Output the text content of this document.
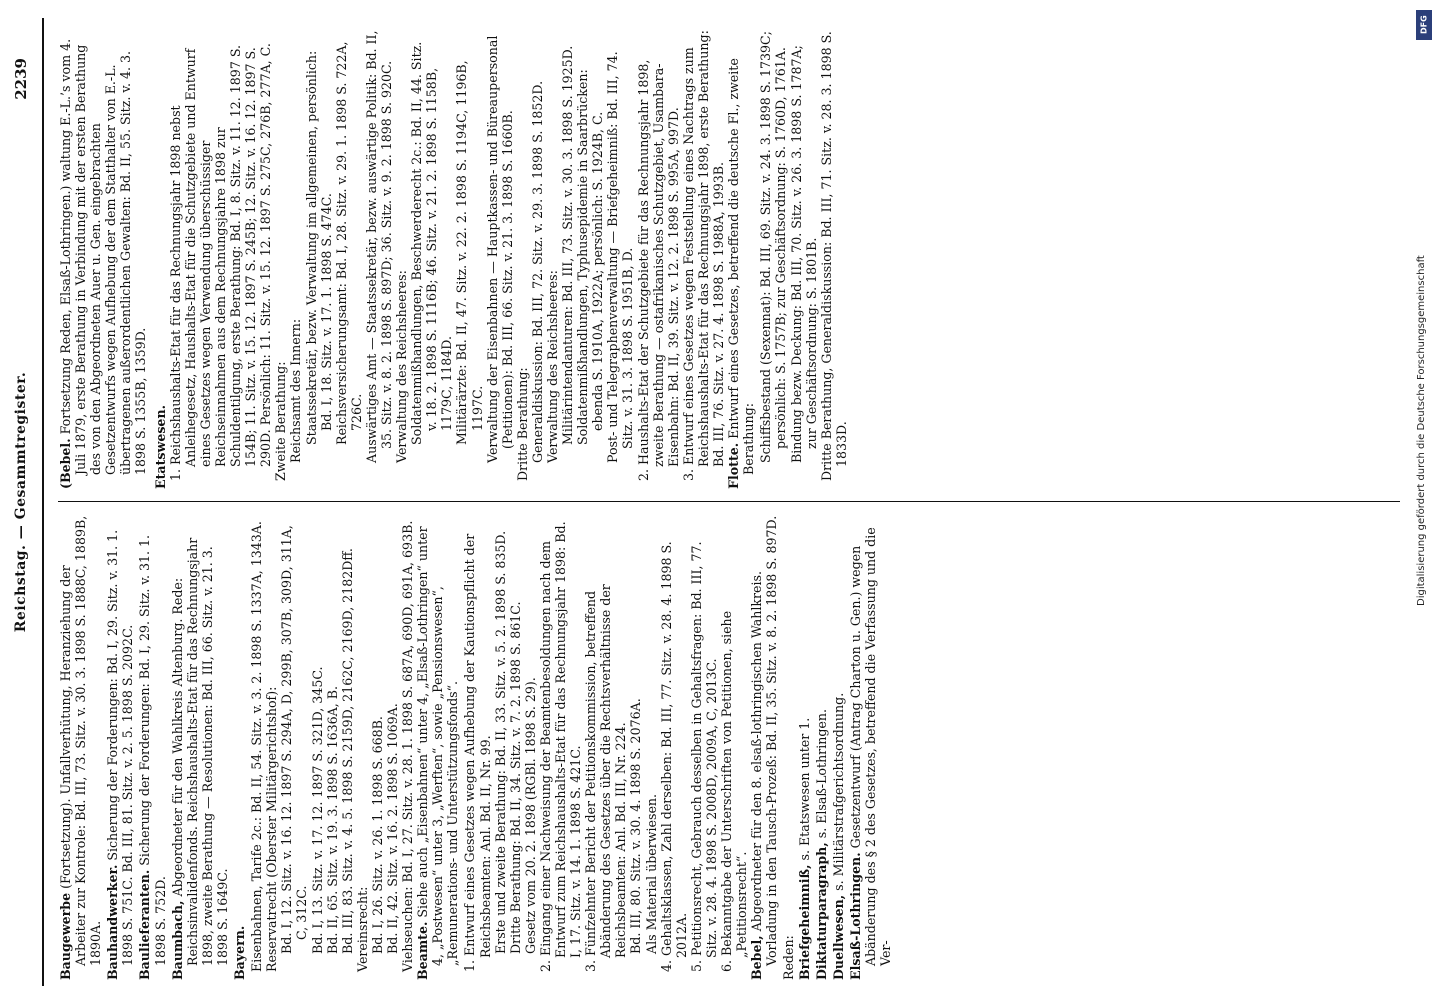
Reichstag. — Gesammtregister.
2239

Baugewerbe (Fortsetzung). Unfallverhütung, Heranziehung der Arbeiter zur Kontrole: Bd. III, 73. Sitz. v. 30. 3. 1898 S. 1888C, 1889B, 1890A. Bauhandwerker. Sicherung der Forderungen: Bd. I, 29. Sitz. v. 31. 1. 1898 S. 751C. Bd. III, 81. Sitz. v. 2. 5. 1898 S. 2092C. Baulieferanten. Sicherung der Forderungen: Bd. I, 29. Sitz. v. 31. 1. 1898 S. 752D. Baumbach, Abgeordneter für den Wahlkreis Altenburg. Rede: Reichsinvalidenfonds. Reichshaushalts-Etat für das Rechnungsjahr 1898, zweite Berathung — Resolutionen: Bd. III, 66. Sitz. v. 21. 3. 1898 S. 1649C. Bayern. Eisenbahnen, Tarife 2c.: Bd. II, 54. Sitz. v. 3. 2. 1898 S. 1337A, 1343A. Reservatrecht (Oberster Militärgerichtshof): Bd. I, 12. Sitz. v. 16. 12. 1897 S. 294A, D, 299B, 307B, 309D, 311A, C, 312C. Bd. I, 13. Sitz. v. 17. 12. 1897 S. 321D, 345C. Bd. II, 65. Sitz. v. 19. 3. 1898 S. 1636A, B. Bd. III, 83. Sitz. v. 4. 5. 1898 S. 2159D, 2162C, 2169D, 2182Dff. Vereinsrecht: Bd. I, 26. Sitz. v. 26. 1. 1898 S. 668B. Bd. II, 42. Sitz. v. 16. 2. 1898 S. 1069A. Viehseuchen: Bd. I, 27. Sitz. v. 28. 1. 1898 S. 687A, 690D, 691A, 693B. Beamte. Siehe auch „Eisenbahnen“ unter 4, „Elsaß-Lothringen“ unter 4, „Postwesen“ unter 3, „Werften“, sowie „Pensionswesen“, „Remunerations- und Unterstützungsfonds“. 1. Entwurf eines Gesetzes wegen Aufhebung der Kautionspflicht der Reichsbeamten: Anl. Bd. II, Nr. 99. Erste und zweite Berathung: Bd. II, 33. Sitz. v. 5. 2. 1898 S. 835D. Dritte Berathung: Bd. II, 34. Sitz. v. 7. 2. 1898 S. 861C. Gesetz vom 20. 2. 1898 (RGBl. 1898 S. 29). 2. Eingang einer Nachweisung der Beamtenbesoldungen nach dem Entwurf zum Reichshaushalts-Etat für das Rechnungsjahr 1898: Bd. I, 17. Sitz. v. 14. 1. 1898 S. 421C. 3. Fünfzehnter Bericht der Petitionskommission, betreffend Abänderung des Gesetzes über die Rechtsverhältnisse der Reichsbeamten: Anl. Bd. III, Nr. 224. Bd. III, 80. Sitz. v. 30. 4. 1898 S. 2076A. Als Material überwiesen. 4. Gehaltsklassen, Zahl derselben: Bd. III, 77. Sitz. v. 28. 4. 1898 S. 2012A. 5. Petitionsrecht, Gebrauch desselben in Gehaltsfragen: Bd. III, 77. Sitz. v. 28. 4. 1898 S. 2008D, 2009A, C, 2013C. 6. Bekanntgabe der Unterschriften von Petitionen, siehe „Petitionsrecht“. Bebel, Abgeordneter für den 8. elsaß-lothringischen Wahlkreis. Vorladung in den Tausch-Prozeß: Bd. II, 35. Sitz. v. 8. 2. 1898 S. 897D. Reden: Briefgeheimniß, s. Etatswesen unter 1.

Diktaturparagraph, s. Elsaß-Lothringen.

Duellwesen, s. Militärstrafgerichtsordnung.

Elsaß-Lothringen. Gesetzentwurf (Antrag Charton u. Gen.) wegen Abänderung des § 2 des Gesetzes, betreffend die Verfassung und die Ver-

(Bebel. Fortsetzung Reden, Elsaß-Lothringen.) waltung E.-L.’s vom 4. Juli 1879, erste Berathung in Verbindung mit der ersten Berathung des von den Abgeordneten Auer u. Gen. eingebrachten Gesetzentwurfs wegen Aufhebung der dem Statthalter von E.-L. übertragenen außerordentlichen Gewalten: Bd. II, 55. Sitz. v. 4. 3. 1898 S. 1355B, 1359D. Etatswesen. 1. Reichshaushalts-Etat für das Rechnungsjahr 1898 nebst Anleihegesetz, Haushalts-Etat für die Schutzgebiete und Entwurf eines Gesetzes wegen Verwendung überschüssiger Reichseinnahmen aus dem Rechnungsjahre 1898 zur Schuldentilgung, erste Berathung: Bd. I, 8. Sitz. v. 11. 12. 1897 S. 154B; 11. Sitz. v. 15. 12. 1897 S. 245B; 12. Sitz. v. 16. 12. 1897 S. 290D. Persönlich: 11. Sitz. v. 15. 12. 1897 S. 275C, 276B, 277A, C. Zweite Berathung: Reichsamt des Innern: Staatssekretär, bezw. Verwaltung im allgemeinen, persönlich: Bd. I, 18. Sitz. v. 17. 1. 1898 S. 474C. Reichsversicherungsamt: Bd. I, 28. Sitz. v. 29. 1. 1898 S. 722A, 726C. Auswärtiges Amt — Staatssekretär, bezw. auswärtige Politik: Bd. II, 35. Sitz. v. 8. 2. 1898 S. 897D; 36. Sitz. v. 9. 2. 1898 S. 920C. Verwaltung des Reichsheeres: Soldatenmißhandlungen, Beschwerderecht 2c.: Bd. II, 44. Sitz. v. 18. 2. 1898 S. 1116B; 46. Sitz. v. 21. 2. 1898 S. 1158B, 1179C, 1184D. Militärärzte: Bd. II, 47. Sitz. v. 22. 2. 1898 S. 1194C, 1196B, 1197C. Verwaltung der Eisenbahnen — Hauptkassen- und Büreaupersonal (Petitionen): Bd. III, 66. Sitz. v. 21. 3. 1898 S. 1660B. Dritte Berathung: Generaldiskussion: Bd. III, 72. Sitz. v. 29. 3. 1898 S. 1852D. Verwaltung des Reichsheeres: Militärintendanturen: Bd. III, 73. Sitz. v. 30. 3. 1898 S. 1925D. Soldatenmißhandlungen, Typhusepidemie in Saarbrücken: ebenda S. 1910A, 1922A; persönlich: S. 1924B, C. Post- und Telegraphenverwaltung — Briefgeheimniß: Bd. III, 74. Sitz. v. 31. 3. 1898 S. 1951B, D. 2. Haushalts-Etat der Schutzgebiete für das Rechnungsjahr 1898, zweite Berathung — ostafrikanisches Schutzgebiet, Usambara-Eisenbahn: Bd. II, 39. Sitz. v. 12. 2. 1898 S. 995A, 997D. 3. Entwurf eines Gesetzes wegen Feststellung eines Nachtrags zum Reichshaushalts-Etat für das Rechnungsjahr 1898, erste Berathung: Bd. III, 76. Sitz. v. 27. 4. 1898 S. 1988A, 1993B. Flotte. Entwurf eines Gesetzes, betreffend die deutsche Fl., zweite Berathung: Schiffsbestand (Sexennat): Bd. III, 69. Sitz. v. 24. 3. 1898 S. 1739C; persönlich: S. 1757B; zur Geschäftsordnung: S. 1760D, 1761A. Bindung bezw. Deckung: Bd. III, 70. Sitz. v. 26. 3. 1898 S. 1787A; zur Geschäftsordnung: S. 1801B. Dritte Berathung, Generaldiskussion: Bd. III, 71. Sitz. v. 28. 3. 1898 S. 1833D.

DFG
Digitalisierung gefördert durch die Deutsche Forschungsgemeinschaft
